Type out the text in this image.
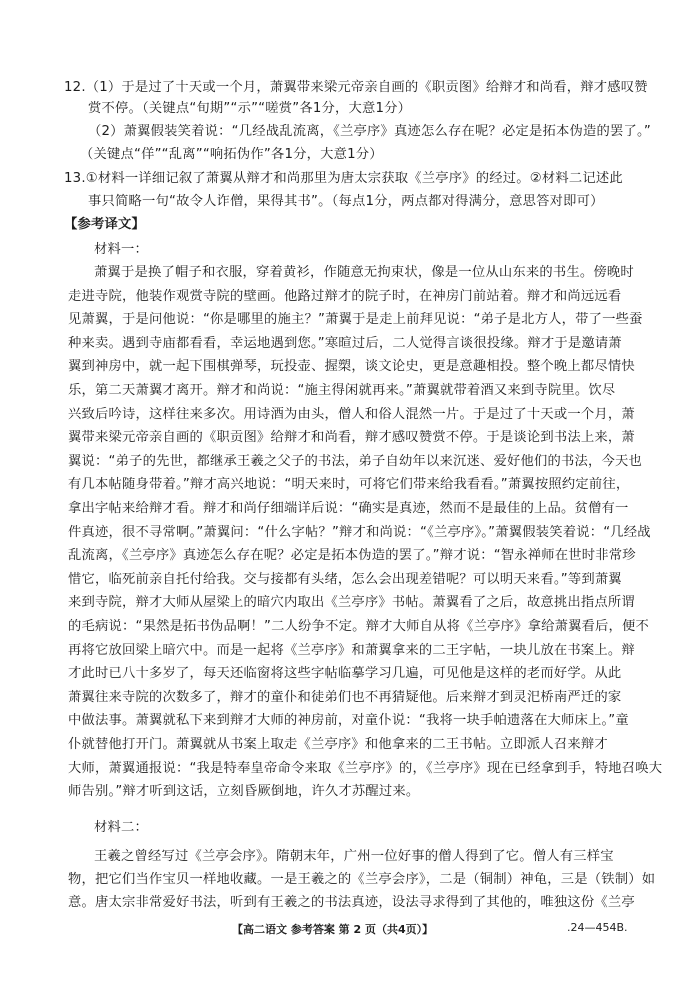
12.（1）于是过了十天或一个月，萧翼带来梁元帝亲自画的《职贡图》给辩才和尚看，辩才感叹赞
赏不停。（关键点“旬期”“示”“嗟赏”各1分，大意1分）
（2）萧翼假装笑着说：“几经战乱流离，《兰亭序》真迹怎么存在呢？必定是拓本伪造的罢了。”
（关键点“佯”“乱离”“响拓伪作”各1分，大意1分）
13.①材料一详细记叙了萧翼从辩才和尚那里为唐太宗获取《兰亭序》的经过。②材料二记述此
事只简略一句“故令人诈僧，果得其书”。（每点1分，两点都对得满分，意思答对即可）
【参考译文】
材料一：
萧翼于是换了帽子和衣服，穿着黄衫，作随意无拘束状，像是一位从山东来的书生。傍晚时
走进寺院，他装作观赏寺院的壁画。他路过辩才的院子时，在神房门前站着。辩才和尚远远看
见萧翼，于是问他说：“你是哪里的施主？”萧翼于是走上前拜见说：“弟子是北方人，带了一些蚕
种来卖。遇到寺庙都看看，幸运地遇到您。”寒暄过后，二人觉得言谈很投缘。辩才于是邀请萧
翼到神房中，就一起下围棋弹琴，玩投壶、握槊，谈文论史，更是意趣相投。整个晚上都尽情快
乐，第二天萧翼才离开。辩才和尚说：“施主得闲就再来。”萧翼就带着酒又来到寺院里。饮尽
兴致后吟诗，这样往来多次。用诗酒为由头，僧人和俗人混然一片。于是过了十天或一个月，萧
翼带来梁元帝亲自画的《职贡图》给辩才和尚看，辩才感叹赞赏不停。于是谈论到书法上来，萧
翼说：“弟子的先世，都继承王羲之父子的书法，弟子自幼年以来沉迷、爱好他们的书法，今天也
有几本帖随身带着。”辩才高兴地说：“明天来时，可将它们带来给我看看。”萧翼按照约定前往，
拿出字帖来给辩才看。辩才和尚仔细端详后说：“确实是真迹，然而不是最佳的上品。贫僧有一
件真迹，很不寻常啊。”萧翼问：“什么字帖？”辩才和尚说：“《兰亭序》。”萧翼假装笑着说：“几经战
乱流离，《兰亭序》真迹怎么存在呢？必定是拓本伪造的罢了。”辩才说：“智永禅师在世时非常珍
惜它，临死前亲自托付给我。交与接都有头绪，怎么会出现差错呢？可以明天来看。”等到萧翼
来到寺院，辩才大师从屋梁上的暗穴内取出《兰亭序》书帖。萧翼看了之后，故意挑出指点所谓
的毛病说：“果然是拓书伪品啊！”二人纷争不定。辩才大师自从将《兰亭序》拿给萧翼看后，便不
再将它放回梁上暗穴中。而是一起将《兰亭序》和萧翼拿来的二王字帖，一块儿放在书案上。辩
才此时已八十多岁了，每天还临窗将这些字帖临摹学习几遍，可见他是这样的老而好学。从此
萧翼往来寺院的次数多了，辩才的童仆和徒弟们也不再猜疑他。后来辩才到灵汜桥南严迁的家
中做法事。萧翼就私下来到辩才大师的神房前，对童仆说：“我将一块手帕遗落在大师床上。”童
仆就替他打开门。萧翼就从书案上取走《兰亭序》和他拿来的二王书帖。立即派人召来辩才
大师，萧翼通报说：“我是特奉皇帝命令来取《兰亭序》的，《兰亭序》现在已经拿到手，特地召唤大
师告别。”辩才听到这话，立刻昏厥倒地，许久才苏醒过来。
材料二：
王羲之曾经写过《兰亭会序》。隋朝末年，广州一位好事的僧人得到了它。僧人有三样宝
物，把它们当作宝贝一样地收藏。一是王羲之的《兰亭会序》，二是（铜制）神龟，三是（铁制）如
意。唐太宗非常爱好书法，听到有王羲之的书法真迹，设法寻求得到了其他的，唯独这份《兰亭
【高二语文 参考答案 第 2 页（共4页）】	.24—454B.
